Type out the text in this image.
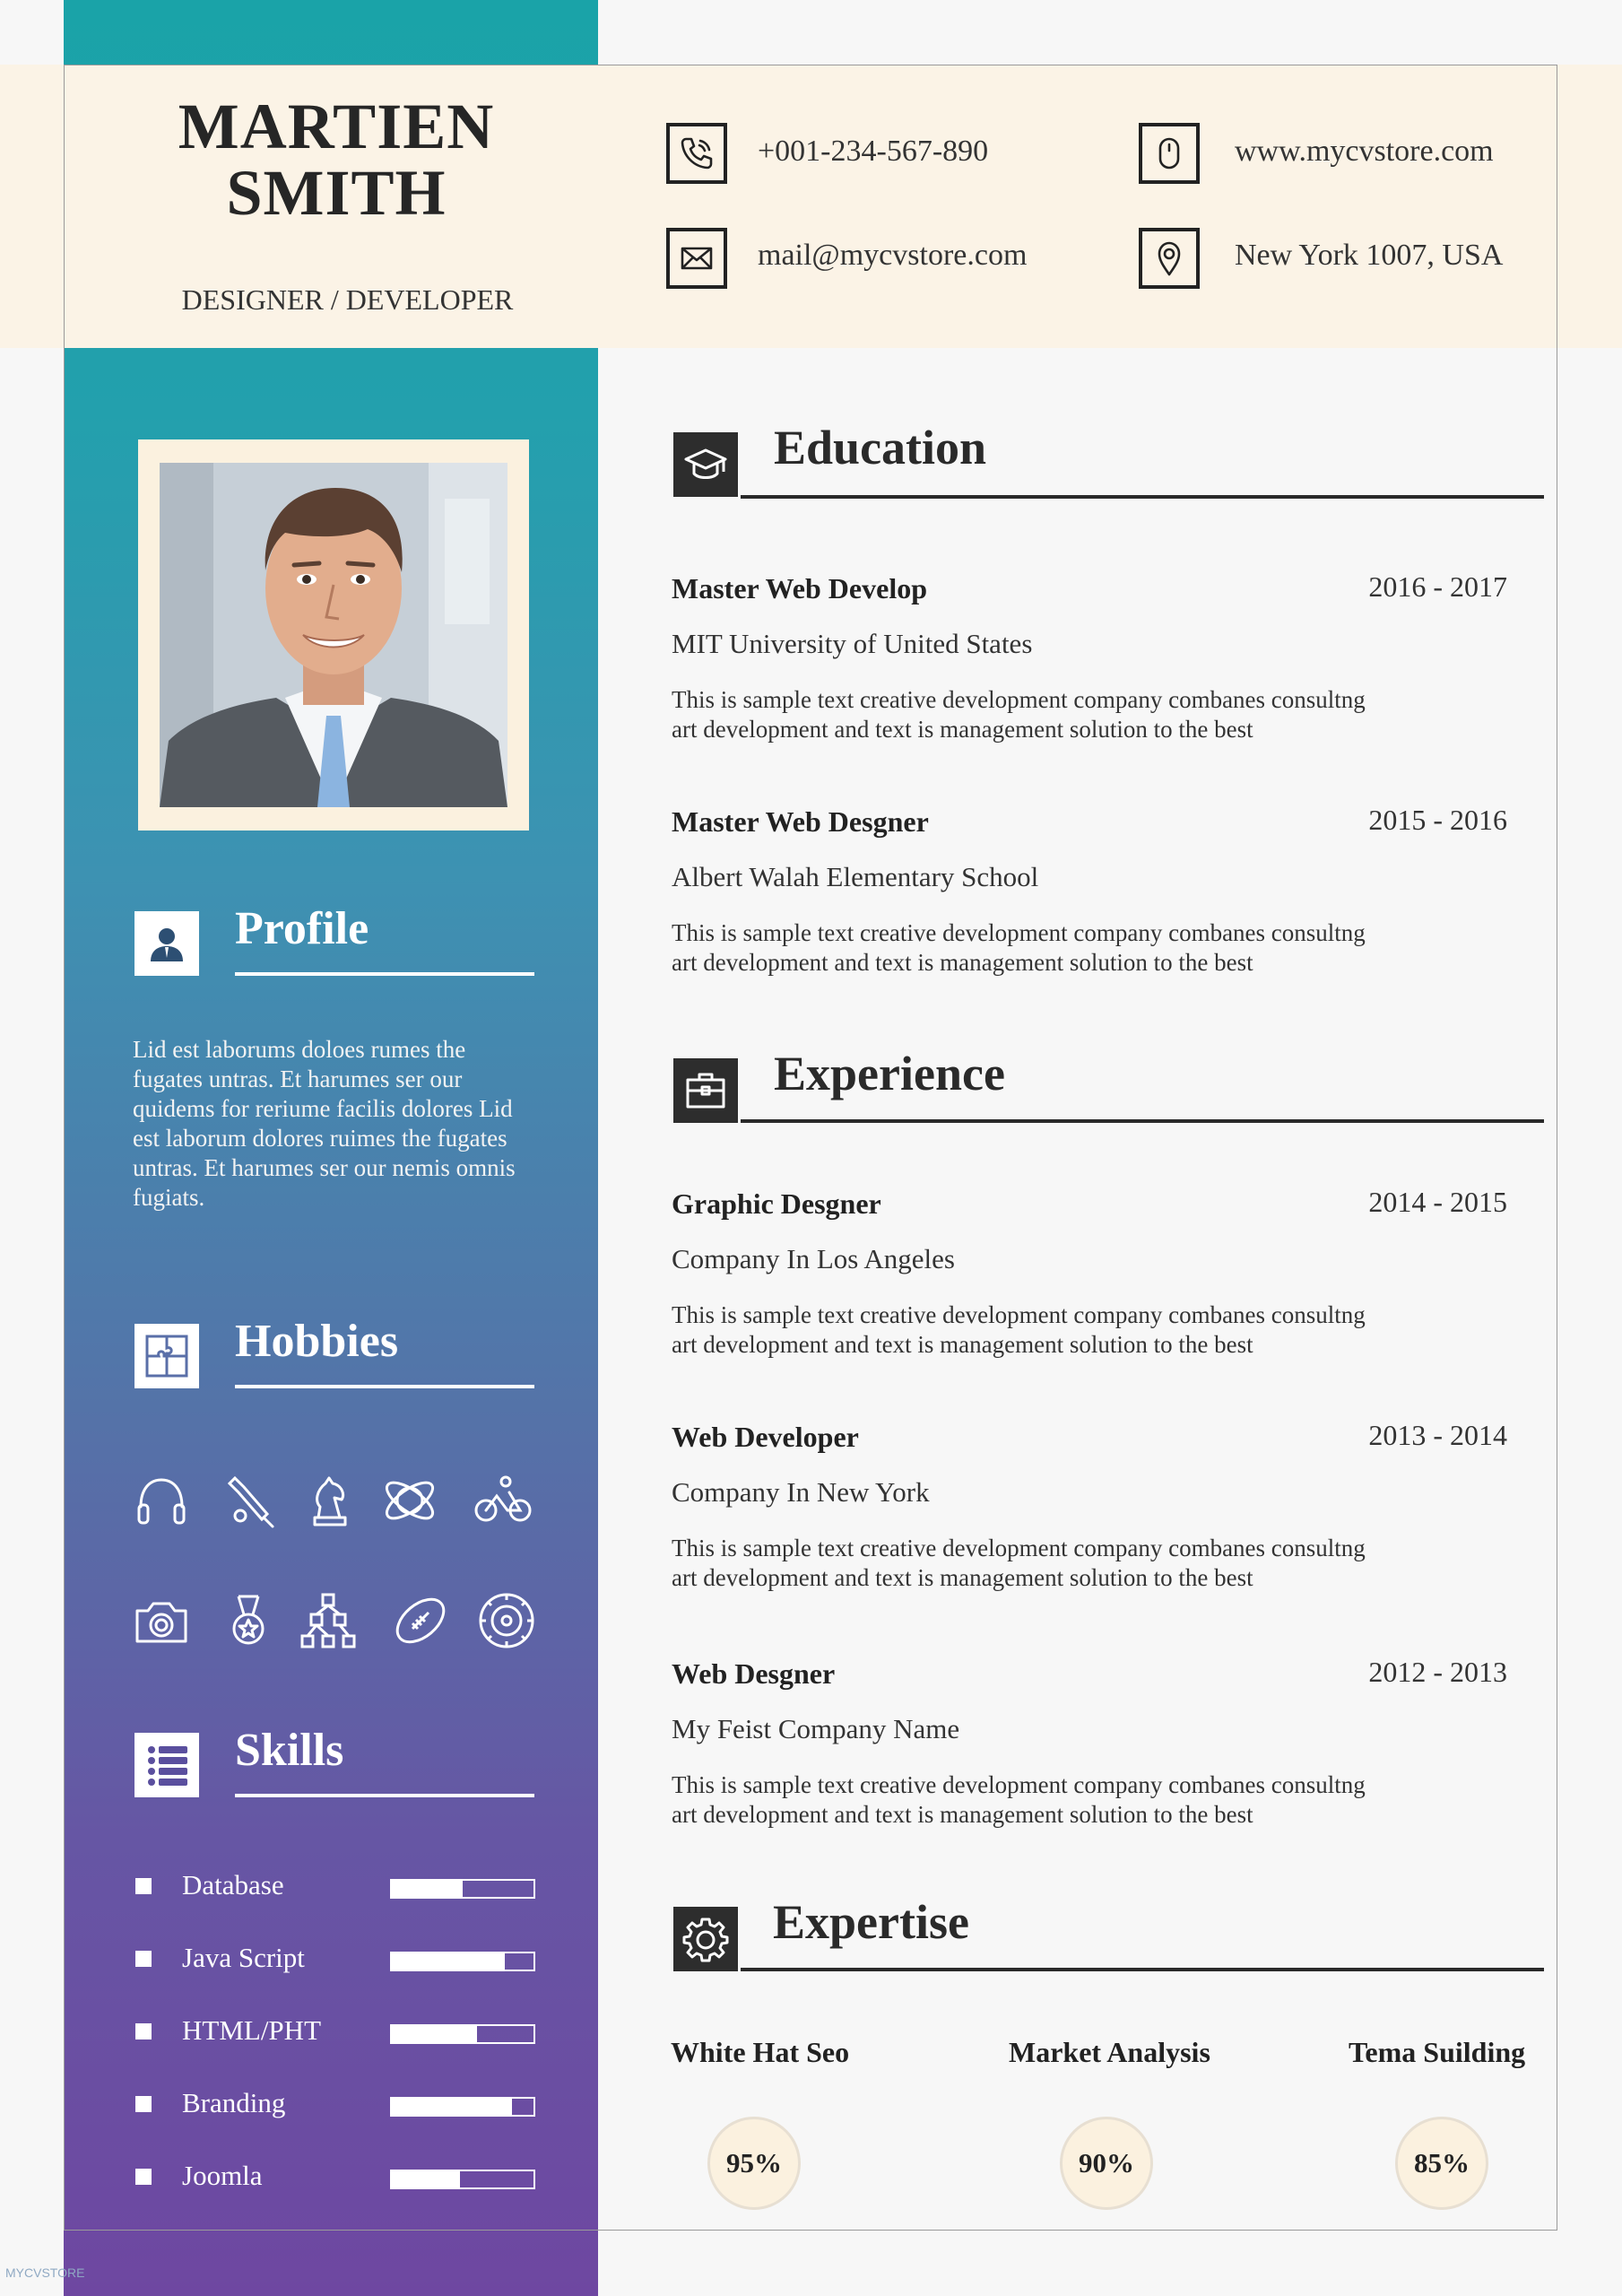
MARTIEN
SMITH
DESIGNER / DEVELOPER
+001-234-567-890	www.mycvstore.com
mail@mycvstore.com	New York 1007, USA
Profile
Lid est laborums doloes rumes the fugates untras. Et harumes ser our quidems for reriume facilis dolores Lid est laborum dolores ruimes the fugates untras. Et harumes ser our nemis omnis fugiats.
Hobbies
Skills
Database
Java Script
HTML/PHT
Branding
Joomla
Education
Master Web Develop	2016 - 2017
MIT University of United States
This is sample text creative development company combanes consultng
art development and text is management solution to the best
Master Web Desgner	2015 - 2016
Albert Walah Elementary School
This is sample text creative development company combanes consultng
art development and text is management solution to the best
Experience
Graphic Desgner	2014 - 2015
Company In Los Angeles
This is sample text creative development company combanes consultng
art development and text is management solution to the best
Web Developer	2013 - 2014
Company In New York
This is sample text creative development company combanes consultng
art development and text is management solution to the best
Web Desgner	2012 - 2013
My Feist Company Name
This is sample text creative development company combanes consultng
art development and text is management solution to the best
Expertise
White Hat Seo	Market Analysis	Tema Suilding
95%	90%	85%
MYCVSTORE
